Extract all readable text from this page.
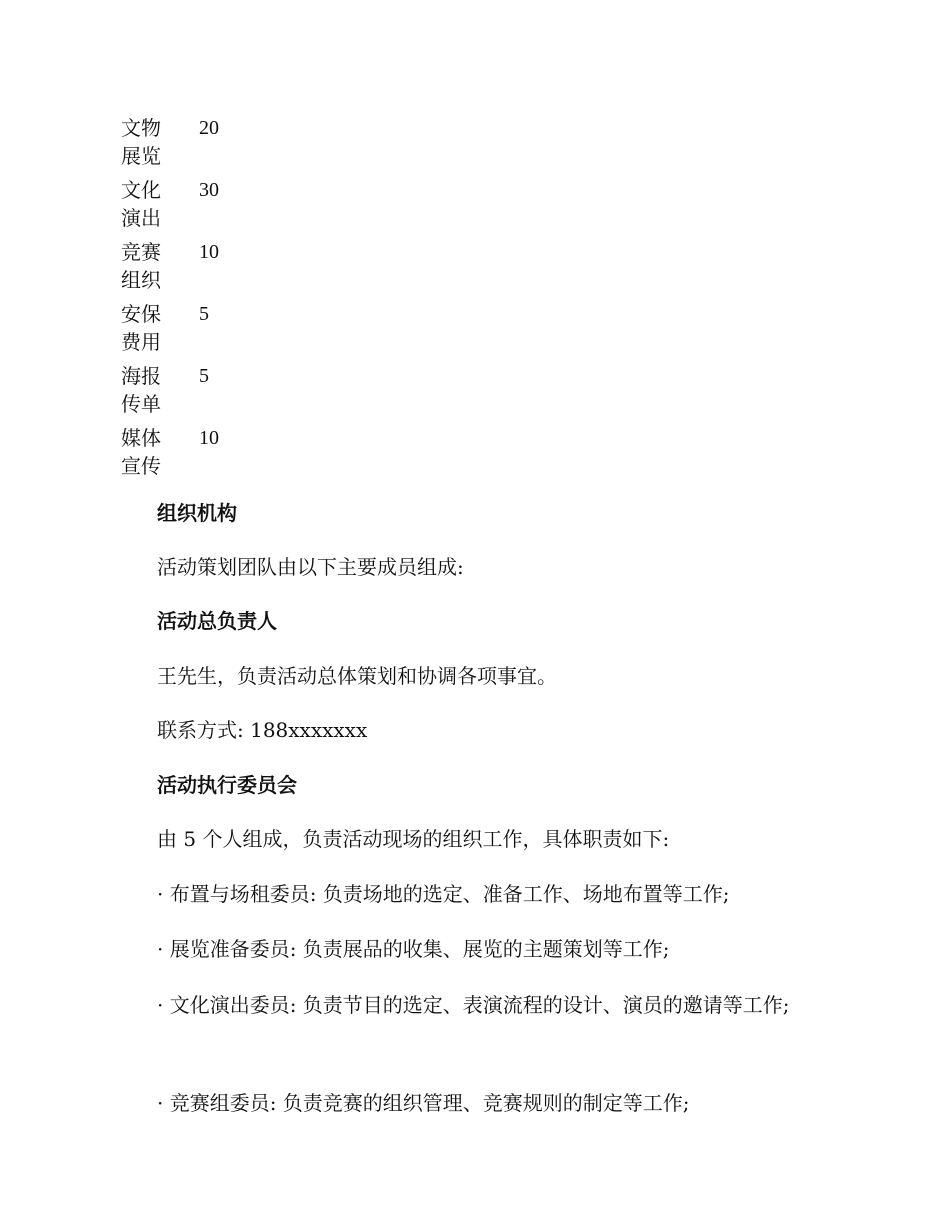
文物
展览	20
文化
演出	30
竞赛
组织	10
安保
费用	5
海报
传单	5
媒体
宣传	10
组织机构
活动策划团队由以下主要成员组成:
活动总负责人
王先生，负责活动总体策划和协调各项事宜。
联系方式: 188xxxxxxx
活动执行委员会
由 5 个人组成，负责活动现场的组织工作，具体职责如下:
· 布置与场租委员: 负责场地的选定、准备工作、场地布置等工作;
· 展览准备委员: 负责展品的收集、展览的主题策划等工作;
· 文化演出委员: 负责节目的选定、表演流程的设计、演员的邀请等工作;
· 竞赛组委员: 负责竞赛的组织管理、竞赛规则的制定等工作;
